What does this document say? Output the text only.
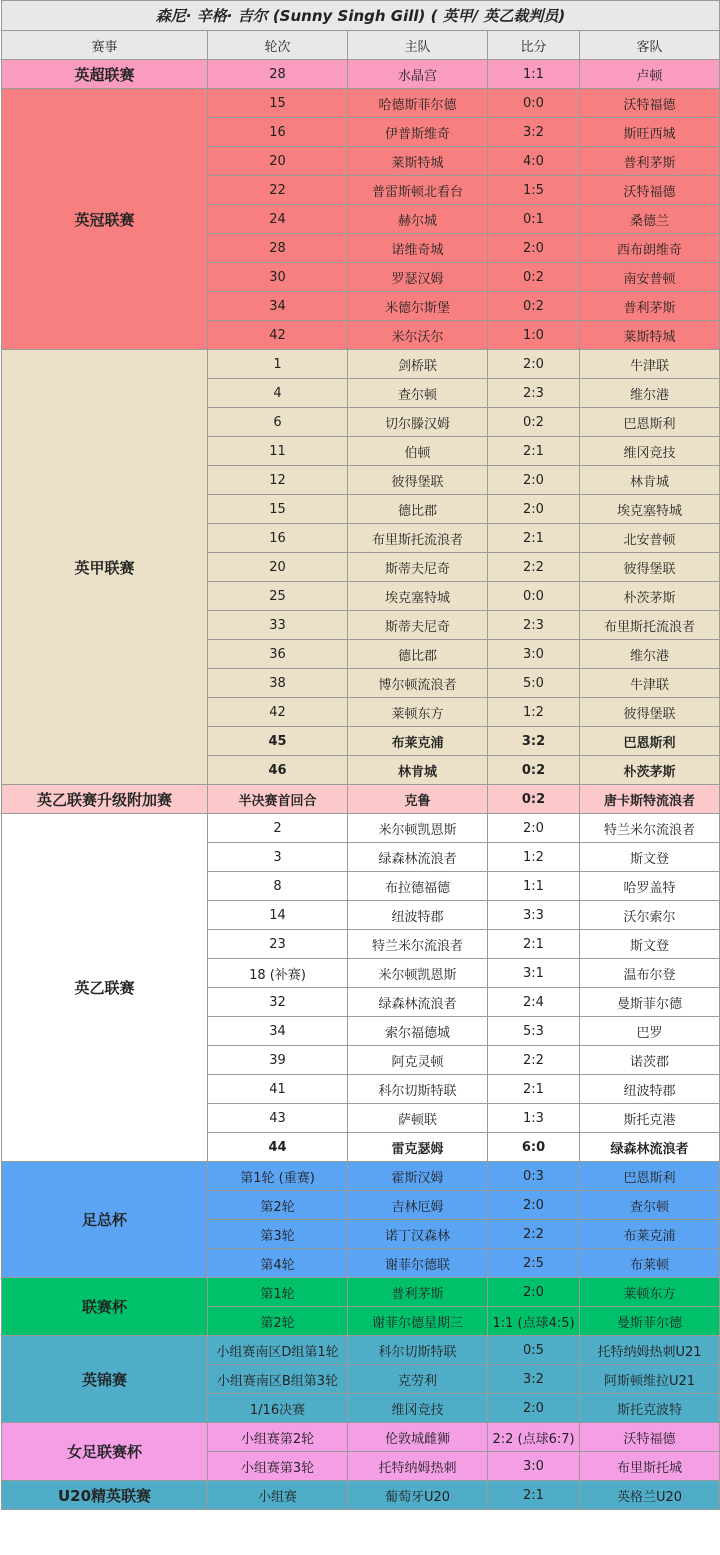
森尼· 辛格· 吉尔 (Sunny Singh Gill) ( 英甲/ 英乙裁判员)				
赛事	轮次	主队	比分	客队
英超联赛	28	水晶宫	1:1	卢顿
英冠联赛	15	哈德斯菲尔德	0:0	沃特福德
	16	伊普斯维奇	3:2	斯旺西城
	20	莱斯特城	4:0	普利茅斯
	22	普雷斯顿北看台	1:5	沃特福德
	24	赫尔城	0:1	桑德兰
	28	诺维奇城	2:0	西布朗维奇
	30	罗瑟汉姆	0:2	南安普顿
	34	米德尔斯堡	0:2	普利茅斯
	42	米尔沃尔	1:0	莱斯特城
英甲联赛	1	剑桥联	2:0	牛津联
	4	查尔顿	2:3	维尔港
	6	切尔滕汉姆	0:2	巴恩斯利
	11	伯顿	2:1	维冈竞技
	12	彼得堡联	2:0	林肯城
	15	德比郡	2:0	埃克塞特城
	16	布里斯托流浪者	2:1	北安普顿
	20	斯蒂夫尼奇	2:2	彼得堡联
	25	埃克塞特城	0:0	朴茨茅斯
	33	斯蒂夫尼奇	2:3	布里斯托流浪者
	36	德比郡	3:0	维尔港
	38	博尔顿流浪者	5:0	牛津联
	42	莱顿东方	1:2	彼得堡联
	45	布莱克浦	3:2	巴恩斯利
	46	林肯城	0:2	朴茨茅斯
英乙联赛升级附加赛	半决赛首回合	克鲁	0:2	唐卡斯特流浪者
英乙联赛	2	米尔顿凯恩斯	2:0	特兰米尔流浪者
	3	绿森林流浪者	1:2	斯文登
	8	布拉德福德	1:1	哈罗盖特
	14	纽波特郡	3:3	沃尔索尔
	23	特兰米尔流浪者	2:1	斯文登
	18 (补赛)	米尔顿凯恩斯	3:1	温布尔登
	32	绿森林流浪者	2:4	曼斯菲尔德
	34	索尔福德城	5:3	巴罗
	39	阿克灵顿	2:2	诺茨郡
	41	科尔切斯特联	2:1	纽波特郡
	43	萨顿联	1:3	斯托克港
	44	雷克瑟姆	6:0	绿森林流浪者
足总杯	第1轮 (重赛)	霍斯汉姆	0:3	巴恩斯利
	第2轮	吉林厄姆	2:0	查尔顿
	第3轮	诺丁汉森林	2:2	布莱克浦
	第4轮	谢菲尔德联	2:5	布莱顿
联赛杯	第1轮	普利茅斯	2:0	莱顿东方
	第2轮	谢菲尔德星期三	1:1 (点球4:5)	曼斯菲尔德
英锦赛	小组赛南区D组第1轮	科尔切斯特联	0:5	托特纳姆热刺U21
	小组赛南区B组第3轮	克劳利	3:2	阿斯顿维拉U21
	1/16决赛	维冈竞技	2:0	斯托克波特
女足联赛杯	小组赛第2轮	伦敦城雌狮	2:2 (点球6:7)	沃特福德
	小组赛第3轮	托特纳姆热刺	3:0	布里斯托城
U20精英联赛	小组赛	葡萄牙U20	2:1	英格兰U20
